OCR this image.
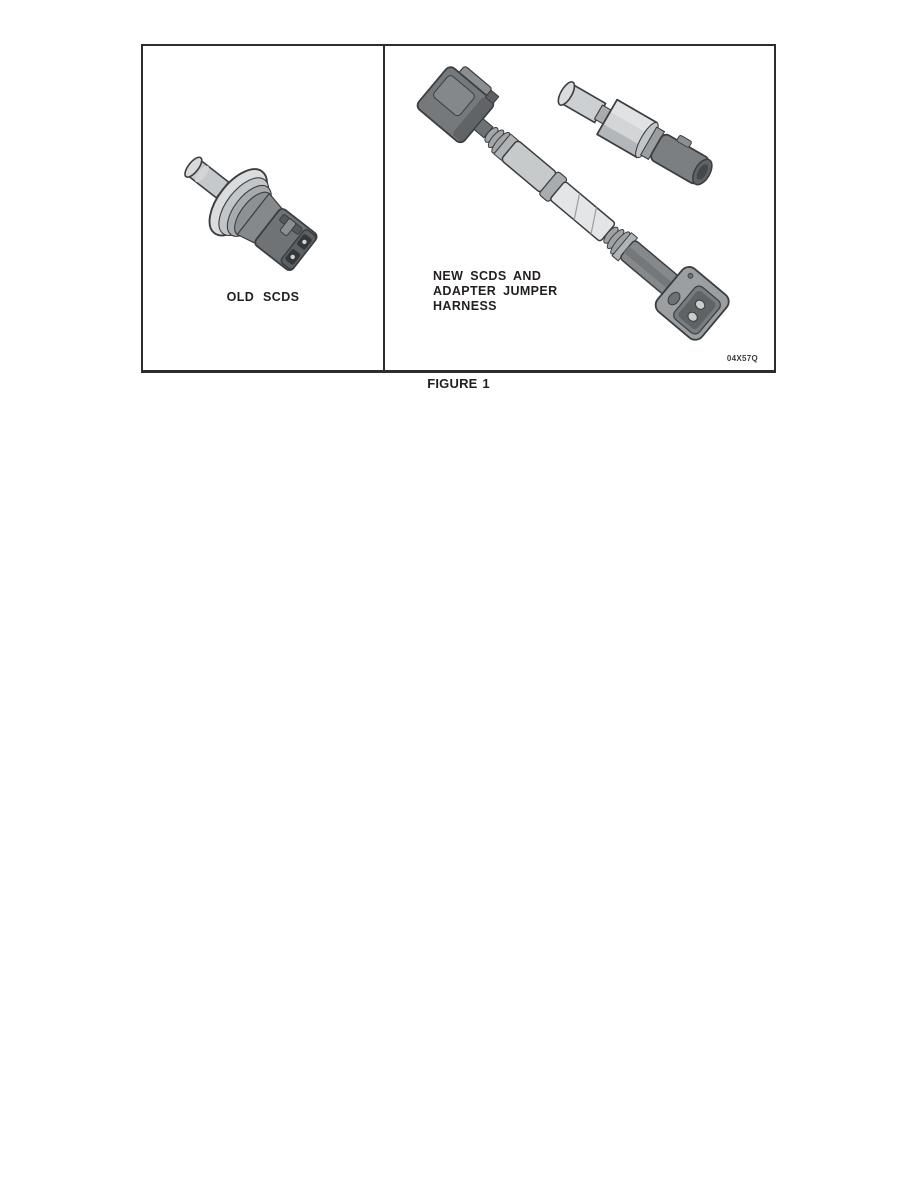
OLD SCDS
NEW SCDS AND
ADAPTER JUMPER
HARNESS
04X57Q
FIGURE 1
